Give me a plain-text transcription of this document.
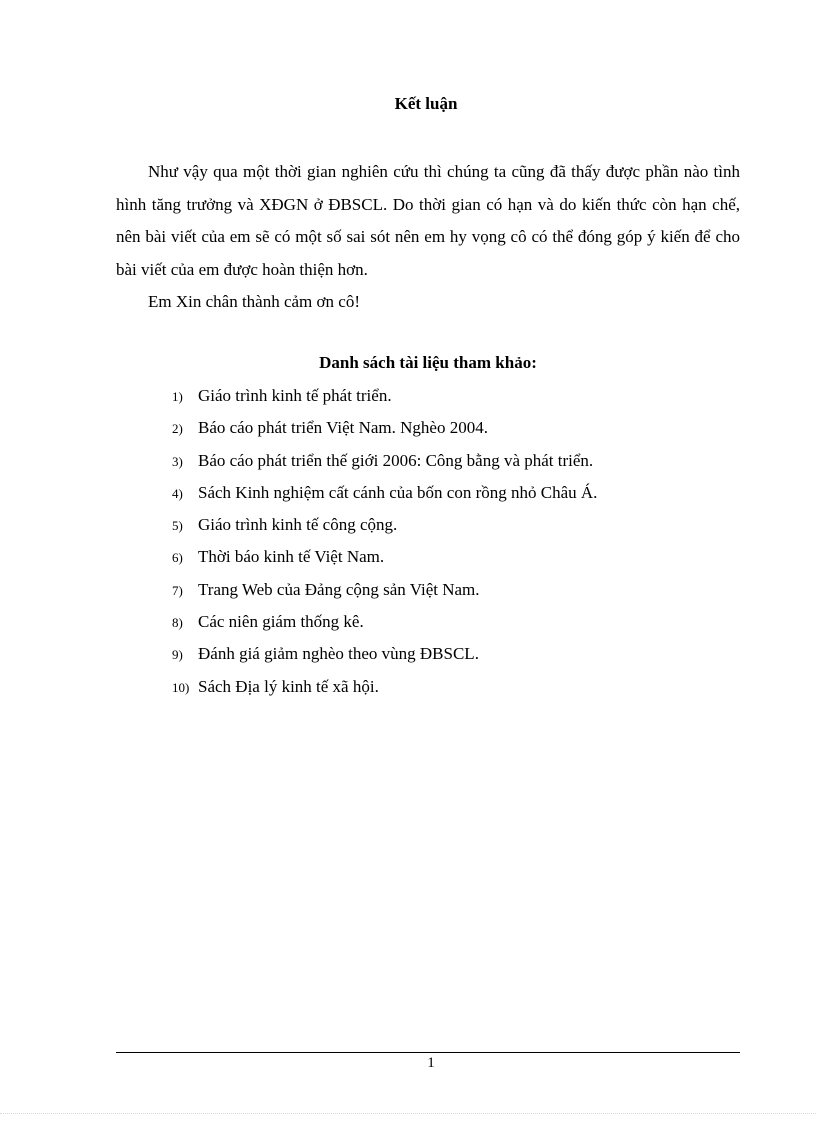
Kết luận

Như vậy qua một thời gian nghiên cứu thì chúng ta cũng đã thấy được phần nào tình hình tăng trưởng và XĐGN ở ĐBSCL. Do thời gian có hạn và do kiến thức còn hạn chế, nên bài viết của em sẽ có một số sai sót nên em hy vọng cô có thể đóng góp ý kiến để cho bài viết của em được hoàn thiện hơn.

Em Xin chân thành cảm ơn cô!

Danh sách tài liệu tham khảo:
1) Giáo trình kinh tế phát triển.
2) Báo cáo phát triển Việt Nam. Nghèo 2004.
3) Báo cáo phát triển thế giới 2006: Công bằng và phát triển.
4) Sách Kinh nghiệm cất cánh của bốn con rồng nhỏ Châu Á.
5) Giáo trình kinh tế công cộng.
6) Thời báo kinh tế Việt Nam.
7) Trang Web của Đảng cộng sản Việt Nam.
8) Các niên giám thống kê.
9) Đánh giá giảm nghèo theo vùng ĐBSCL.
10) Sách Địa lý kinh tế xã hội.
1
